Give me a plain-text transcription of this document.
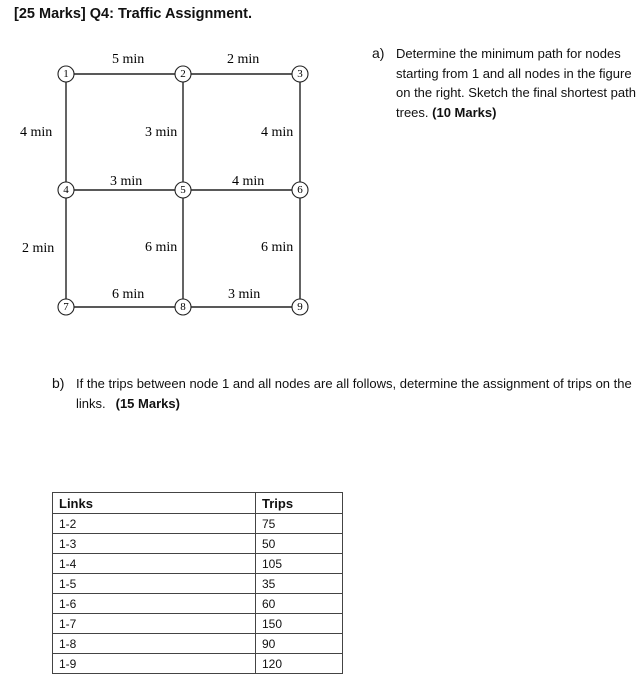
[25 Marks] Q4: Traffic Assignment.
5 min	2 min
3 min	4 min
6 min	3 min
4 min	3 min	4 min
2 min	6 min	6 min
1	2	3
4	5	6
7	8	9
a) Determine the minimum path for nodes starting from 1 and all nodes in the figure on the right. Sketch the final shortest path trees. (10 Marks)
b) If the trips between node 1 and all nodes are all follows, determine the assignment of trips on the links. (15 Marks)
Links	Trips
1-2	75
1-3	50
1-4	105
1-5	35
1-6	60
1-7	150
1-8	90
1-9	120
